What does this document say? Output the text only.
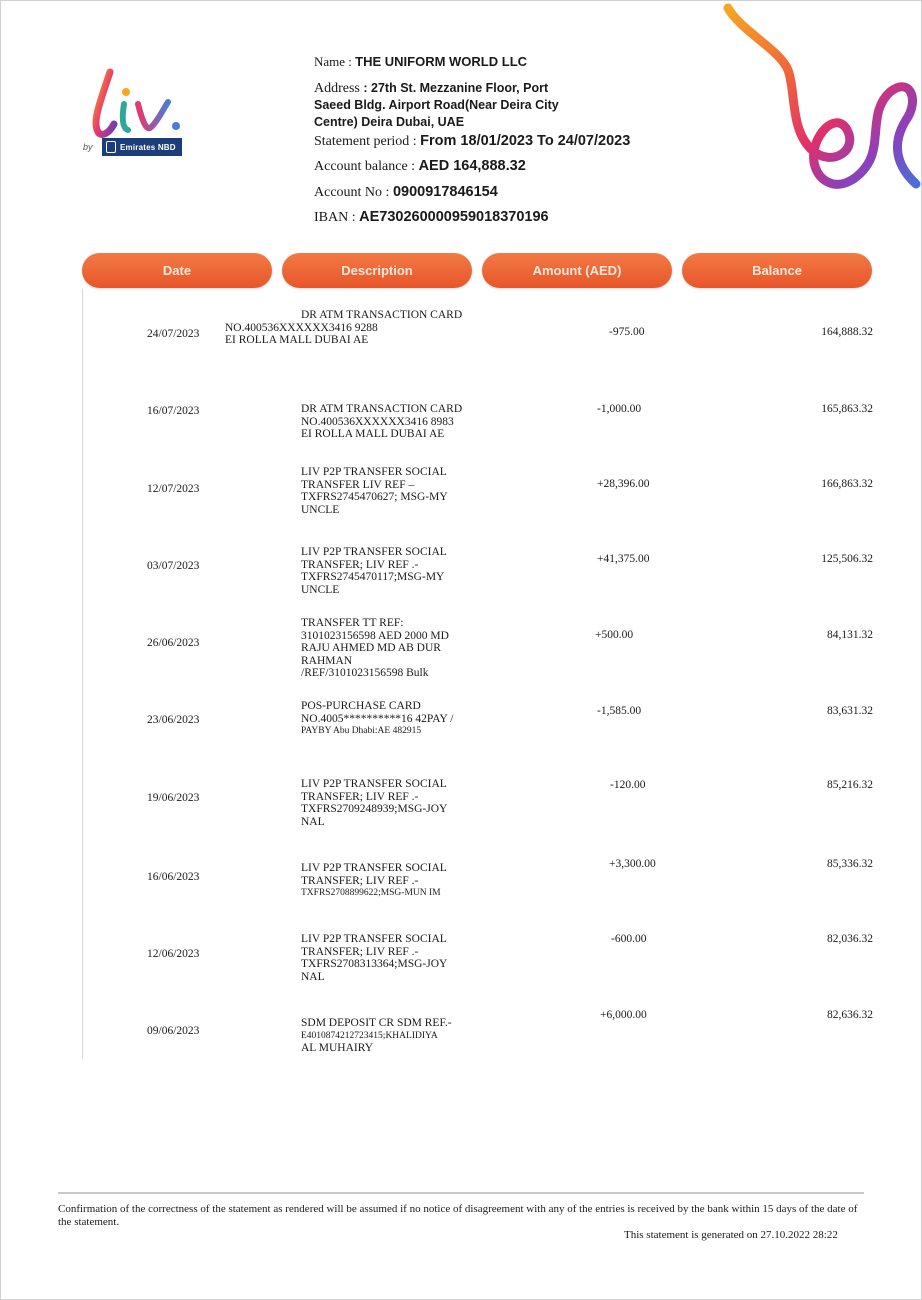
by	Emirates NBD
Name : THE UNIFORM WORLD LLC
Address : 27th St. Mezzanine Floor, Port Saeed Bldg. Airport Road(Near Deira City Centre) Deira Dubai, UAE
Statement period : From 18/01/2023 To 24/07/2023
Account balance : AED 164,888.32
Account No : 0900917846154
IBAN : AE730260000959018370196
Date	Description	Amount (AED)	Balance
24/07/2023
DR ATM TRANSACTION CARD
NO.400536XXXXXX3416 9288
EI ROLLA MALL DUBAI AE
-975.00	164,888.32
16/07/2023	DR ATM TRANSACTION CARD
NO.400536XXXXXX3416 8983
EI ROLLA MALL DUBAI AE
-1,000.00	165,863.32
12/07/2023
LIV P2P TRANSFER SOCIAL
TRANSFER LIV REF –
TXFRS2745470627; MSG-MY
UNCLE
+28,396.00	166,863.32
03/07/2023
LIV P2P TRANSFER SOCIAL
TRANSFER; LIV REF .-
TXFRS2745470117;MSG-MY
UNCLE
+41,375.00	125,506.32
26/06/2023
TRANSFER TT REF:
3101023156598 AED 2000 MD
RAJU AHMED MD AB DUR
RAHMAN
/REF/3101023156598 Bulk
+500.00	84,131.32
23/06/2023
POS-PURCHASE CARD
NO.4005**********16 42PAY /
PAYBY Abu Dhabi:AE 482915
-1,585.00	83,631.32
19/06/2023
LIV P2P TRANSFER SOCIAL
TRANSFER; LIV REF .-
TXFRS2709248939;MSG-JOY
NAL
-120.00	85,216.32
16/06/2023
LIV P2P TRANSFER SOCIAL
TRANSFER; LIV REF .-
TXFRS2708899622;MSG-MUN IM
+3,300.00	85,336.32
12/06/2023
LIV P2P TRANSFER SOCIAL
TRANSFER; LIV REF .-
TXFRS2708313364;MSG-JOY
NAL
-600.00	82,036.32
09/06/2023
SDM DEPOSIT CR SDM REF.-
E4010874212723415;KHALIDIYA
AL MUHAIRY
+6,000.00	82,636.32
Confirmation of the correctness of the statement as rendered will be assumed if no notice of disagreement with any of the entries is received by the bank within 15 days of the date of the statement.
This statement is generated on 27.10.2022 28:22
